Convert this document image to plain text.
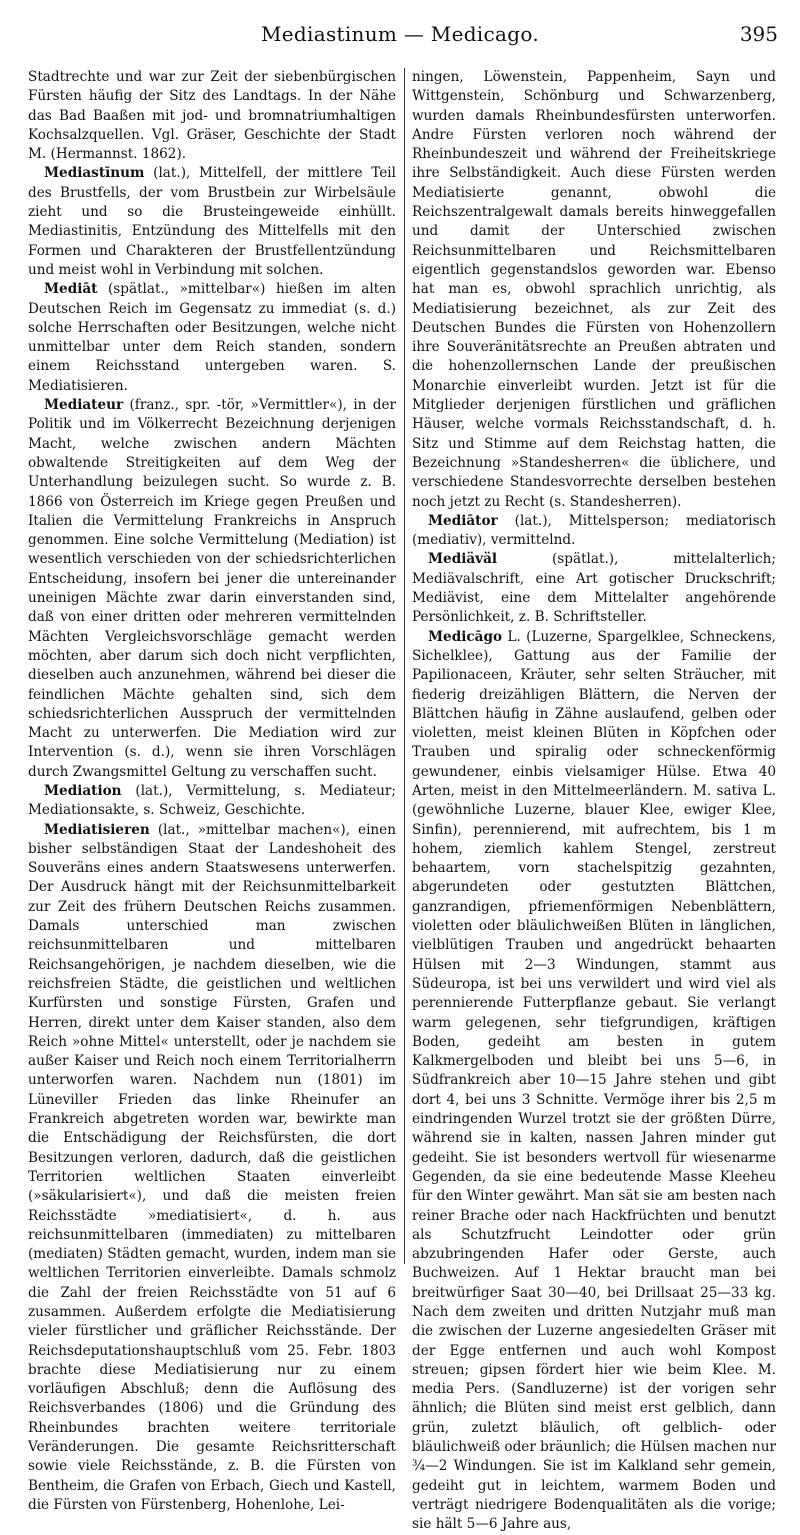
Mediastinum — Medicago.	395

Stadtrechte und war zur Zeit der siebenbürgischen Fürsten häufig der Sitz des Landtags. In der Nähe das Bad Baaßen mit jod- und bromnatriumhaltigen Kochsalzquellen. Vgl. Gräser, Geschichte der Stadt M. (Hermannst. 1862).

Mediastīnum (lat.), Mittelfell, der mittlere Teil des Brustfells, der vom Brustbein zur Wirbelsäule zieht und so die Brusteingeweide einhüllt. Mediastinitis, Entzündung des Mittelfells mit den Formen und Charakteren der Brustfellentzündung und meist wohl in Verbindung mit solchen.

Mediāt (spätlat., »mittelbar«) hießen im alten Deutschen Reich im Gegensatz zu immediat (s. d.) solche Herrschaften oder Besitzungen, welche nicht unmittelbar unter dem Reich standen, sondern einem Reichsstand untergeben waren. S. Mediatisieren.

Mediateur (franz., spr. -tör, »Vermittler«), in der Politik und im Völkerrecht Bezeichnung derjenigen Macht, welche zwischen andern Mächten obwaltende Streitigkeiten auf dem Weg der Unterhandlung beizulegen sucht. So wurde z. B. 1866 von Österreich im Kriege gegen Preußen und Italien die Vermittelung Frankreichs in Anspruch genommen. Eine solche Vermittelung (Mediation) ist wesentlich verschieden von der schiedsrichterlichen Entscheidung, insofern bei jener die untereinander uneinigen Mächte zwar darin einverstanden sind, daß von einer dritten oder mehreren vermittelnden Mächten Vergleichsvorschläge gemacht werden möchten, aber darum sich doch nicht verpflichten, dieselben auch anzunehmen, während bei dieser die feindlichen Mächte gehalten sind, sich dem schiedsrichterlichen Ausspruch der vermittelnden Macht zu unterwerfen. Die Mediation wird zur Intervention (s. d.), wenn sie ihren Vorschlägen durch Zwangsmittel Geltung zu verschaffen sucht.

Mediation (lat.), Vermittelung, s. Mediateur; Mediationsakte, s. Schweiz, Geschichte.

Mediatisieren (lat., »mittelbar machen«), einen bisher selbständigen Staat der Landeshoheit des Souveräns eines andern Staatswesens unterwerfen. Der Ausdruck hängt mit der Reichsunmittelbarkeit zur Zeit des frühern Deutschen Reichs zusammen. Damals unterschied man zwischen reichsunmittelbaren und mittelbaren Reichsangehörigen, je nachdem dieselben, wie die reichsfreien Städte, die geistlichen und weltlichen Kurfürsten und sonstige Fürsten, Grafen und Herren, direkt unter dem Kaiser standen, also dem Reich »ohne Mittel« unterstellt, oder je nachdem sie außer Kaiser und Reich noch einem Territorialherrn unterworfen waren. Nachdem nun (1801) im Lüneviller Frieden das linke Rheinufer an Frankreich abgetreten worden war, bewirkte man die Entschädigung der Reichsfürsten, die dort Besitzungen verloren, dadurch, daß die geistlichen Territorien weltlichen Staaten einverleibt (»säkularisiert«), und daß die meisten freien Reichsstädte »mediatisiert«, d. h. aus reichsunmittelbaren (immediaten) zu mittelbaren (mediaten) Städten gemacht, wurden, indem man sie weltlichen Territorien einverleibte. Damals schmolz die Zahl der freien Reichsstädte von 51 auf 6 zusammen. Außerdem erfolgte die Mediatisierung vieler fürstlicher und gräflicher Reichsstände. Der Reichsdeputationshauptschluß vom 25. Febr. 1803 brachte diese Mediatisierung nur zu einem vorläufigen Abschluß; denn die Auflösung des Reichsverbandes (1806) und die Gründung des Rheinbundes brachten weitere territoriale Veränderungen. Die gesamte Reichsritterschaft sowie viele Reichsstände, z. B. die Fürsten von Bentheim, die Grafen von Erbach, Giech und Kastell, die Fürsten von Fürstenberg, Hohenlohe, Lei-

ningen, Löwenstein, Pappenheim, Sayn und Wittgenstein, Schönburg und Schwarzenberg, wurden damals Rheinbundesfürsten unterworfen. Andre Fürsten verloren noch während der Rheinbundeszeit und während der Freiheitskriege ihre Selbständigkeit. Auch diese Fürsten werden Mediatisierte genannt, obwohl die Reichszentralgewalt damals bereits hinweggefallen und damit der Unterschied zwischen Reichsunmittelbaren und Reichsmittelbaren eigentlich gegenstandslos geworden war. Ebenso hat man es, obwohl sprachlich unrichtig, als Mediatisierung bezeichnet, als zur Zeit des Deutschen Bundes die Fürsten von Hohenzollern ihre Souveränitätsrechte an Preußen abtraten und die hohenzollernschen Lande der preußischen Monarchie einverleibt wurden. Jetzt ist für die Mitglieder derjenigen fürstlichen und gräflichen Häuser, welche vormals Reichsstandschaft, d. h. Sitz und Stimme auf dem Reichstag hatten, die Bezeichnung »Standesherren« die üblichere, und verschiedene Standesvorrechte derselben bestehen noch jetzt zu Recht (s. Standesherren).

Mediātor (lat.), Mittelsperson; mediatorisch (mediativ), vermittelnd.

Mediäväl	(spätlat.), mittelalterlich; Mediävalschrift, eine Art gotischer Druckschrift; Mediävist, eine dem Mittelalter angehörende Persönlichkeit, z. B. Schriftsteller.

Medicāgo L. (Luzerne, Spargelklee, Schneckens, Sichelklee), Gattung aus der Familie der Papilionaceen, Kräuter, sehr selten Sträucher, mit fiederig dreizähligen Blättern, die Nerven der Blättchen häufig in Zähne auslaufend, gelben oder violetten, meist kleinen Blüten in Köpfchen oder Trauben und spiralig oder schneckenförmig gewundener, einbis vielsamiger Hülse. Etwa 40 Arten, meist in den Mittelmeerländern. M. sativa L. (gewöhnliche Luzerne, blauer Klee, ewiger Klee, Sinfin), perennierend, mit aufrechtem, bis 1 m hohem, ziemlich kahlem Stengel, zerstreut behaartem, vorn stachelspitzig gezahnten, abgerundeten oder gestutzten Blättchen, ganzrandigen, pfriemenförmigen Nebenblättern, violetten oder bläulichweißen Blüten in länglichen, vielblütigen Trauben und angedrückt behaarten Hülsen mit 2—3 Windungen, stammt aus Südeuropa, ist bei uns verwildert und wird viel als perennierende Futterpflanze gebaut. Sie verlangt warm gelegenen, sehr tiefgrundigen, kräftigen Boden, gedeiht am besten in gutem Kalkmergelboden und bleibt bei uns 5—6, in Südfrankreich aber 10—15 Jahre stehen und gibt dort 4, bei uns 3 Schnitte. Vermöge ihrer bis 2,5 m eindringenden Wurzel trotzt sie der größten Dürre, während sie in kalten, nassen Jahren minder gut gedeiht. Sie ist besonders wertvoll für wiesenarme Gegenden, da sie eine bedeutende Masse Kleeheu für den Winter gewährt. Man sät sie am besten nach reiner Brache oder nach Hackfrüchten und benutzt als Schutzfrucht Leindotter oder grün abzubringenden Hafer oder Gerste, auch Buchweizen. Auf 1 Hektar braucht man bei breitwürfiger Saat 30—40, bei Drillsaat 25—33 kg. Nach dem zweiten und dritten Nutzjahr muß man die zwischen der Luzerne angesiedelten Gräser mit der Egge entfernen und auch wohl Kompost streuen; gipsen fördert hier wie beim Klee. M. media Pers. (Sandluzerne) ist der vorigen sehr ähnlich; die Blüten sind meist erst gelblich, dann grün, zuletzt bläulich, oft gelblich- oder bläulichweiß oder bräunlich; die Hülsen machen nur ¾—2 Windungen. Sie ist im Kalkland sehr gemein, gedeiht gut in leichtem, warmem Boden und verträgt niedrigere Bodenqualitäten als die vorige; sie hält 5—6 Jahre aus,
